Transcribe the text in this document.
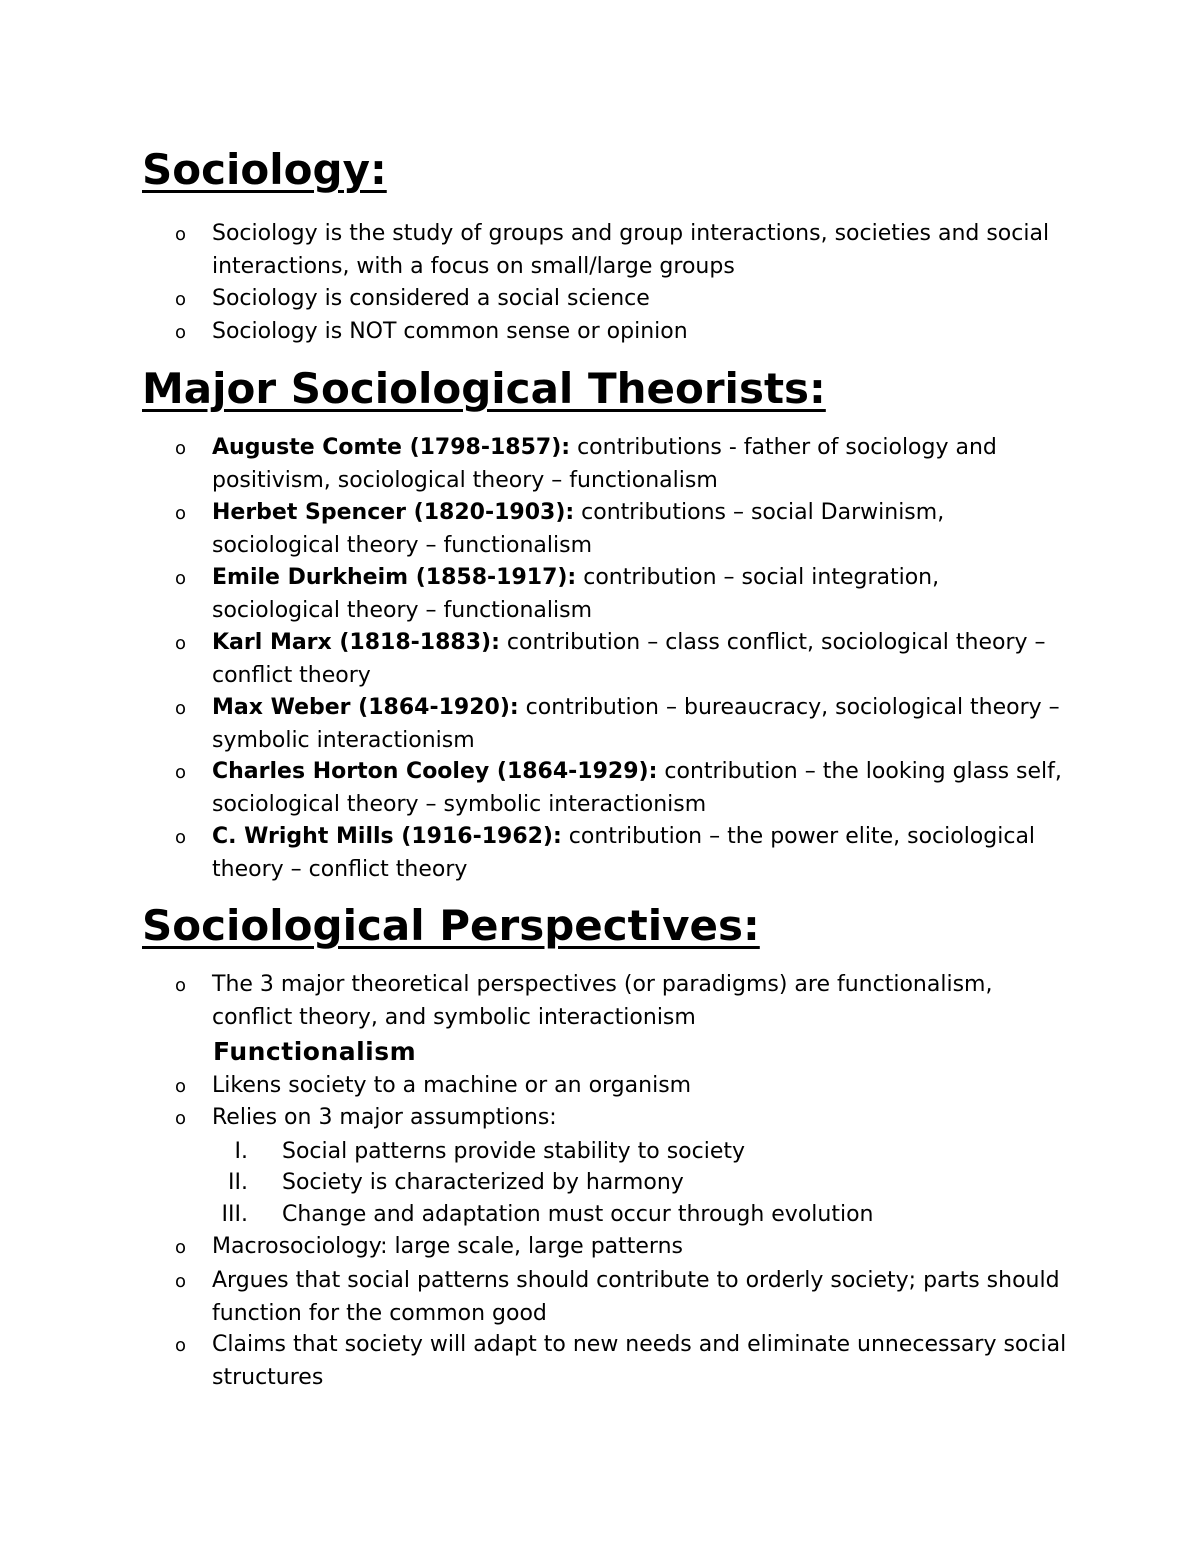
Sociology:
o Sociology is the study of groups and group interactions, societies and social interactions, with a focus on small/large groups
o Sociology is considered a social science
o Sociology is NOT common sense or opinion
Major Sociological Theorists:
o Auguste Comte (1798-1857): contributions - father of sociology and positivism, sociological theory – functionalism
o Herbet Spencer (1820-1903): contributions – social Darwinism, sociological theory – functionalism
o Emile Durkheim (1858-1917): contribution – social integration, sociological theory – functionalism
o Karl Marx (1818-1883): contribution – class conflict, sociological theory – conflict theory
o Max Weber (1864-1920): contribution – bureaucracy, sociological theory – symbolic interactionism
o Charles Horton Cooley (1864-1929): contribution – the looking glass self, sociological theory – symbolic interactionism
o C. Wright Mills (1916-1962): contribution – the power elite, sociological theory – conflict theory
Sociological Perspectives:
o The 3 major theoretical perspectives (or paradigms) are functionalism, conflict theory, and symbolic interactionism
Functionalism
o Likens society to a machine or an organism
o Relies on 3 major assumptions:
I. Social patterns provide stability to society
II. Society is characterized by harmony
III. Change and adaptation must occur through evolution
o Macrosociology: large scale, large patterns
o Argues that social patterns should contribute to orderly society; parts should function for the common good
o Claims that society will adapt to new needs and eliminate unnecessary social structures
